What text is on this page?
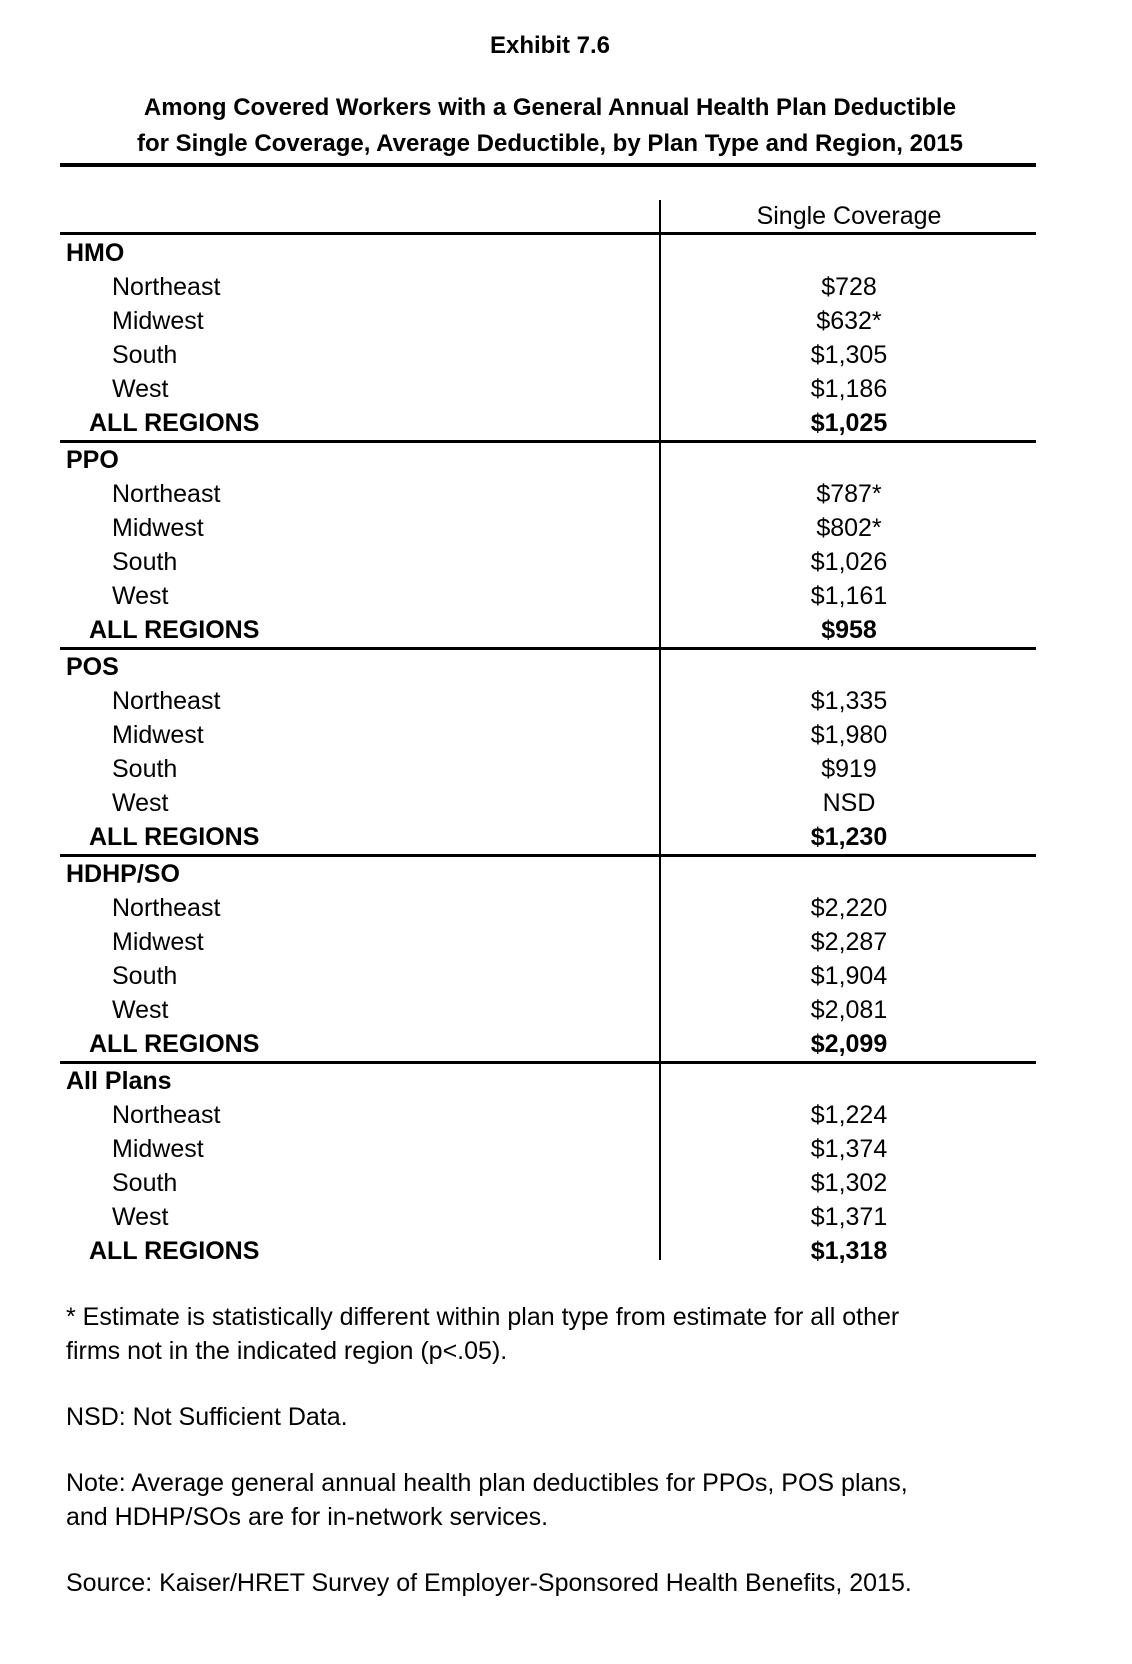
Exhibit 7.6
Among Covered Workers with a General Annual Health Plan Deductible
for Single Coverage, Average Deductible, by Plan Type and Region, 2015
Single Coverage
HMO
Northeast	$728
Midwest	$632*
South	$1,305
West	$1,186
ALL REGIONS	$1,025
PPO
Northeast	$787*
Midwest	$802*
South	$1,026
West	$1,161
ALL REGIONS	$958
POS
Northeast	$1,335
Midwest	$1,980
South	$919
West	NSD
ALL REGIONS	$1,230
HDHP/SO
Northeast	$2,220
Midwest	$2,287
South	$1,904
West	$2,081
ALL REGIONS	$2,099
All Plans
Northeast	$1,224
Midwest	$1,374
South	$1,302
West	$1,371
ALL REGIONS	$1,318

* Estimate is statistically different within plan type from estimate for all other
firms not in the indicated region (p<.05).

NSD: Not Sufficient Data.

Note: Average general annual health plan deductibles for PPOs, POS plans,
and HDHP/SOs are for in-network services.

Source: Kaiser/HRET Survey of Employer-Sponsored Health Benefits, 2015.
